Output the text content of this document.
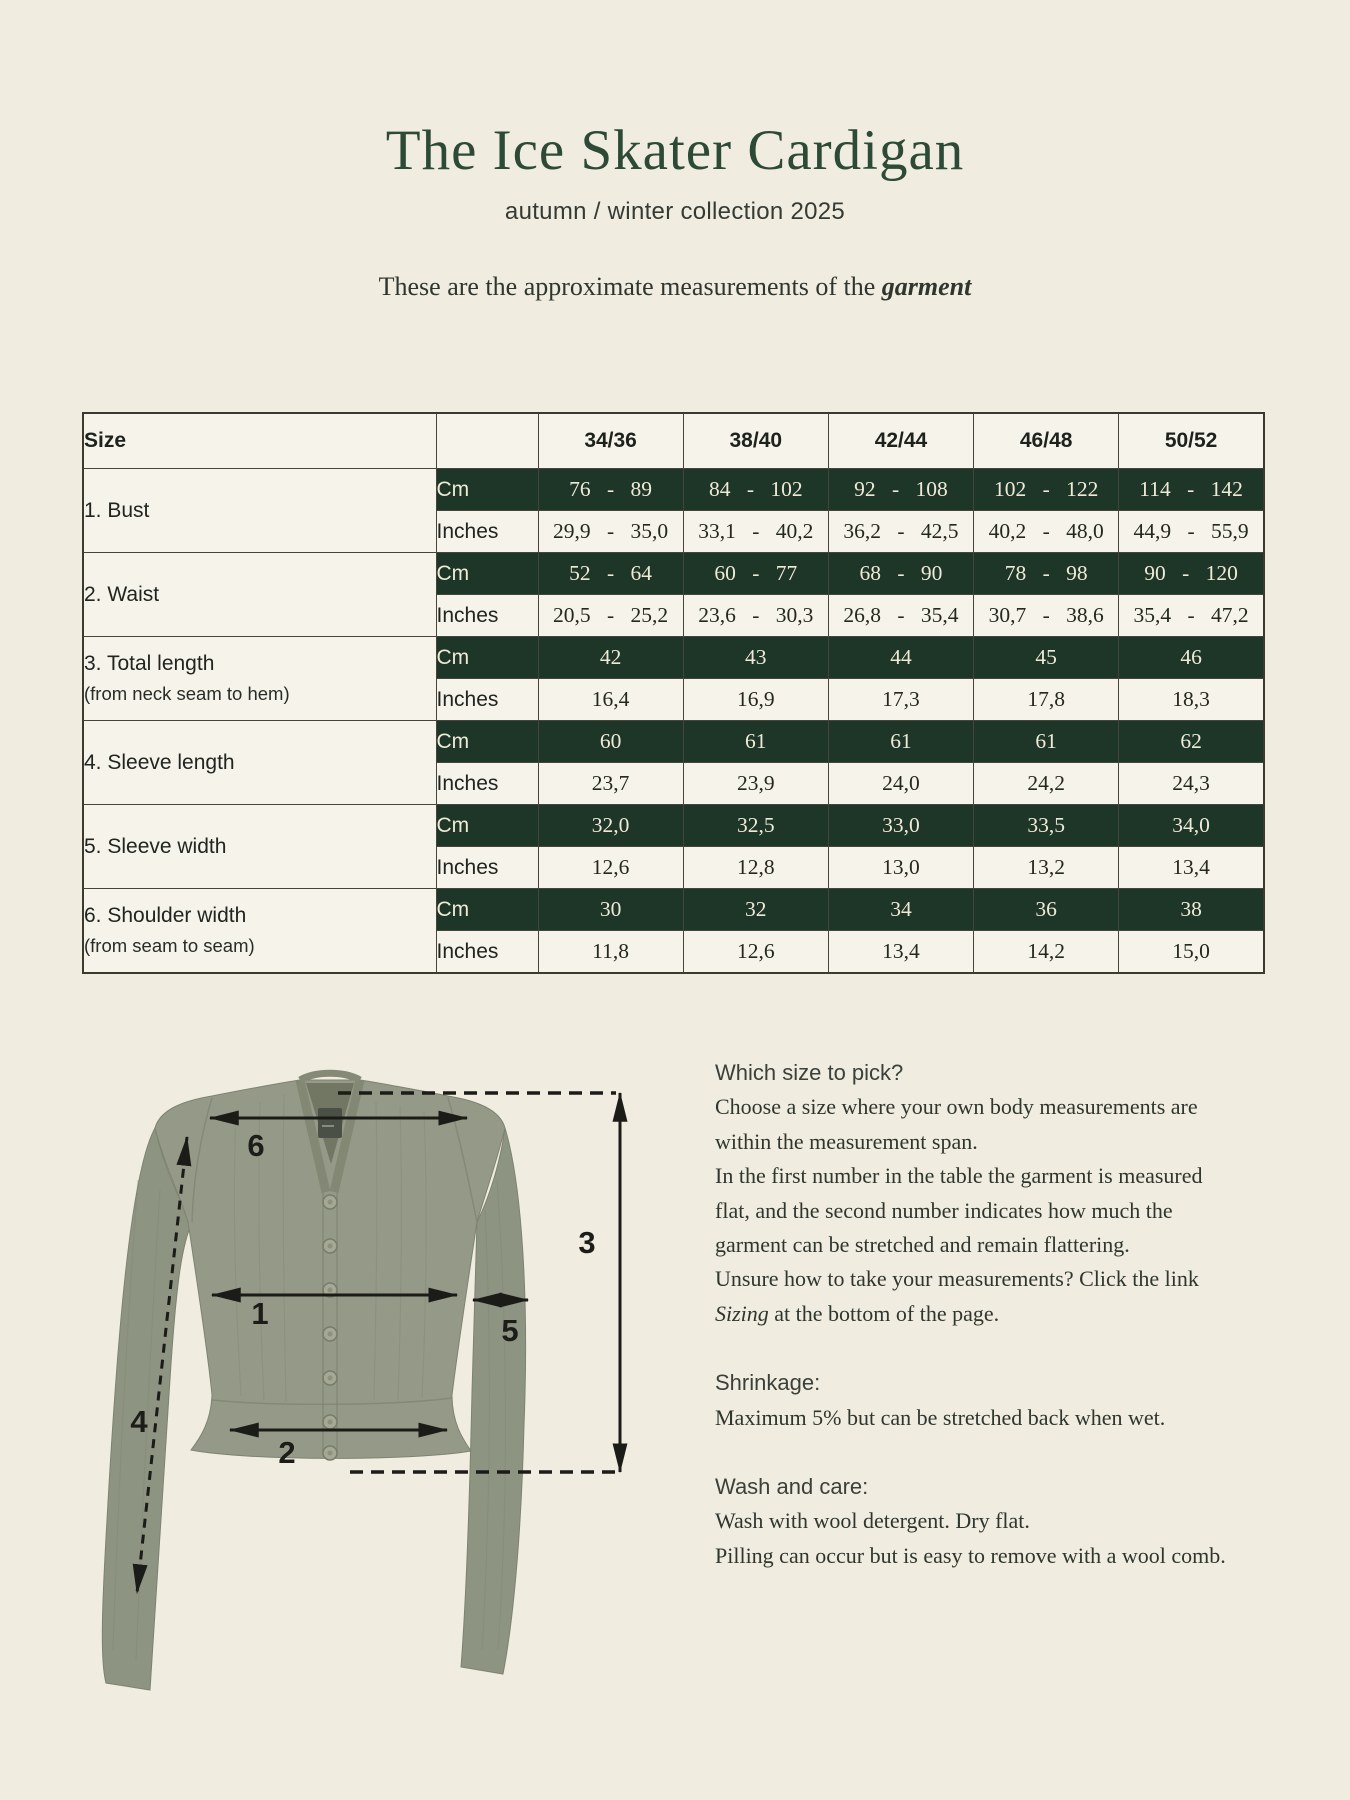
The Ice Skater Cardigan
autumn / winter collection 2025
These are the approximate measurements of the garment
Size		34/36	38/40	42/44	46/48	50/52

1. Bust	Cm	76 - 89	84 - 102	92 - 108	102 - 122	114 - 142
	Inches	29,9 - 35,0	33,1 - 40,2	36,2 - 42,5	40,2 - 48,0	44,9 - 55,9

2. Waist	Cm	52 - 64	60 - 77	68 - 90	78 - 98	90 - 120
	Inches	20,5 - 25,2	23,6 - 30,3	26,8 - 35,4	30,7 - 38,6	35,4 - 47,2

3. Total length
(from neck seam to hem)	Cm	42	43	44	45	46
	Inches	16,4	16,9	17,3	17,8	18,3

4. Sleeve length	Cm	60	61	61	61	62
	Inches	23,7	23,9	24,0	24,2	24,3

5. Sleeve width	Cm	32,0	32,5	33,0	33,5	34,0
	Inches	12,6	12,8	13,0	13,2	13,4

6. Shoulder width
(from seam to seam)	Cm	30	32	34	36	38
	Inches	11,8	12,6	13,4	14,2	15,0
6
1	5
2
4
3
Which size to pick?
Choose a size where your own body measurements are
within the measurement span.
In the first number in the table the garment is measured
flat, and the second number indicates how much the
garment can be stretched and remain flattering.
Unsure how to take your measurements? Click the link
Sizing at the bottom of the page.
Shrinkage:
Maximum 5% but can be stretched back when wet.
Wash and care:
Wash with wool detergent. Dry flat.
Pilling can occur but is easy to remove with a wool comb.
